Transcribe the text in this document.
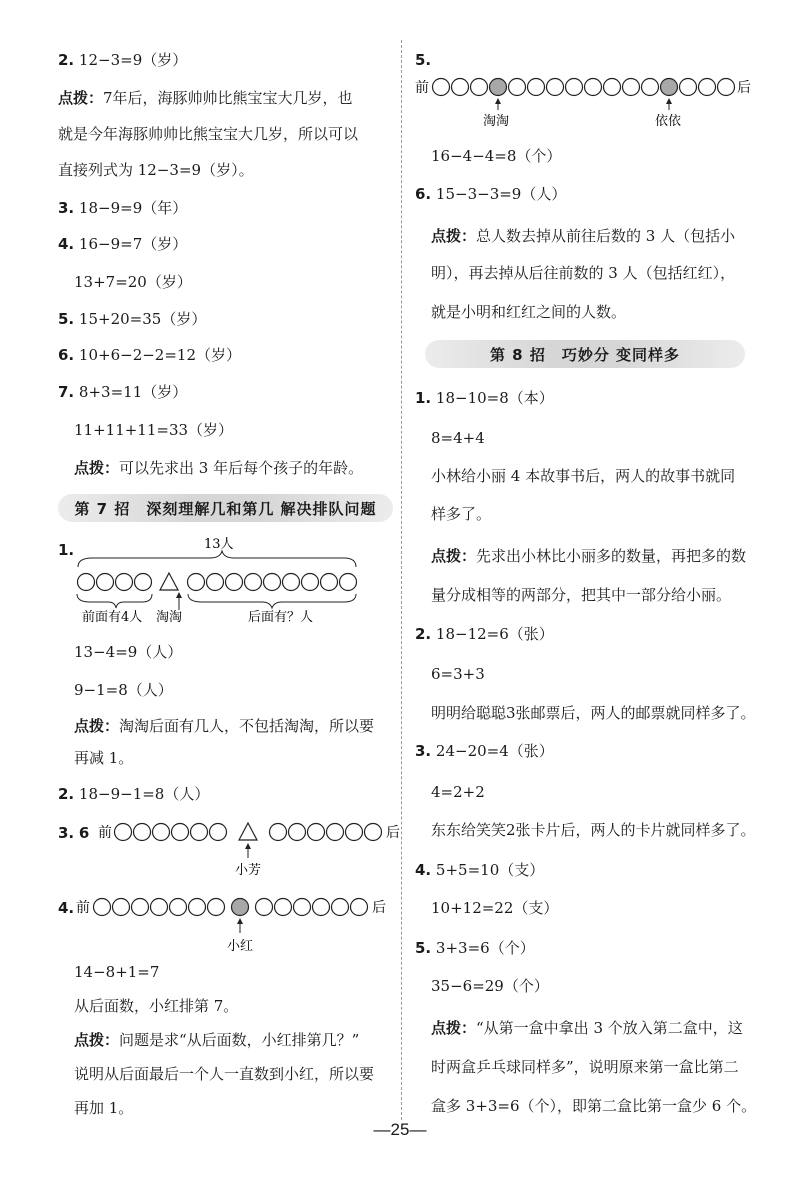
2. 12−3=9（岁）
点拨：7年后，海豚帅帅比熊宝宝大几岁，也
就是今年海豚帅帅比熊宝宝大几岁，所以可以
直接列式为 12−3=9（岁）。
3. 18−9=9（年）
4. 16−9=7（岁）
13+7=20（岁）
5. 15+20=35（岁）
6. 10+6−2−2=12（岁）
7. 8+3=11（岁）
11+11+11=33（岁）
点拨：可以先求出 3 年后每个孩子的年龄。
第 7 招　深刻理解几和第几 解决排队问题
1.	13人
前面有4人 淘淘	后面有？人
13−4=9（人）
9−1=8（人）
点拨：淘淘后面有几人，不包括淘淘，所以要
再减 1。
2. 18−9−1=8（人）
3. 6 前	后
小芳
4. 前	后
小红
14−8+1=7
从后面数，小红排第 7。
点拨：问题是求“从后面数，小红排第几？”
说明从后面最后一个人一直数到小红，所以要
再加 1。
5.
前	后
淘淘	依依
16−4−4=8（个）
6. 15−3−3=9（人）
点拨：总人数去掉从前往后数的 3 人（包括小
明），再去掉从后往前数的 3 人（包括红红），
就是小明和红红之间的人数。
第 8 招　巧妙分 变同样多
1. 18−10=8（本）
8=4+4
小林给小丽 4 本故事书后，两人的故事书就同
样多了。
点拨：先求出小林比小丽多的数量，再把多的数
量分成相等的两部分，把其中一部分给小丽。
2. 18−12=6（张）
6=3+3
明明给聪聪3张邮票后，两人的邮票就同样多了。
3. 24−20=4（张）
4=2+2
东东给笑笑2张卡片后，两人的卡片就同样多了。
4. 5+5=10（支）
10+12=22（支）
5. 3+3=6（个）
35−6=29（个）
点拨：“从第一盒中拿出 3 个放入第二盒中，这
时两盒乒乓球同样多”，说明原来第一盒比第二
盒多 3+3=6（个），即第二盒比第一盒少 6 个。
—25—
